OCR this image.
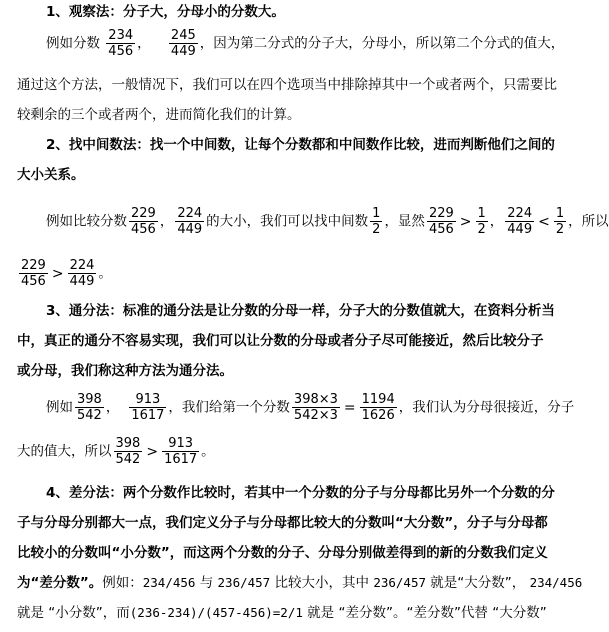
1、观察法：分子大，分母小的分数大。
例如分数 $\frac{234}{456}$ ， $\frac{245}{449}$ ，因为第二分式的分子大，分母小，所以第二个分式的值大，
通过这个方法，一般情况下，我们可以在四个选项当中排除掉其中一个或者两个，只需要比
较剩余的三个或者两个，进而简化我们的计算。
2、找中间数法：找一个中间数，让每个分数都和中间数作比较，进而判断他们之间的
大小关系。
例如比较分数 $\frac{229}{456}$ ， $\frac{224}{449}$ 的大小，我们可以找中间数 $\frac{1}{2}$ ，显然 $\frac{229}{456} > \frac{1}{2}$ ， $\frac{224}{449} < \frac{1}{2}$ ，所以
$\frac{229}{456} > \frac{224}{449}$ 。
3、通分法：标准的通分法是让分数的分母一样，分子大的分数值就大，在资料分析当
中，真正的通分不容易实现，我们可以让分数的分母或者分子尽可能接近，然后比较分子
或分母，我们称这种方法为通分法。
例如 $\frac{398}{542}$ ， $\frac{913}{1617}$ ，我们给第一个分数 $\frac{398\times 3}{542\times 3} = \frac{1194}{1626}$ ，我们认为分母很接近，分子
大的值大，所以 $\frac{398}{542} > \frac{913}{1617}$ 。
4、差分法：两个分数作比较时，若其中一个分数的分子与分母都比另外一个分数的分
子与分母分别都大一点，我们定义分子与分母都比较大的分数叫“大分数”，分子与分母都
比较小的分数叫“小分数”，而这两个分数的分子、分母分别做差得到的新的分数我们定义
为“差分数”。例如：234/456 与 236/457 比较大小，其中 236/457 就是“大分数”， 234/456
就是 “小分数”，而(236-234)/(457-456)=2/1 就是 “差分数”。“差分数”代替 “大分数”
